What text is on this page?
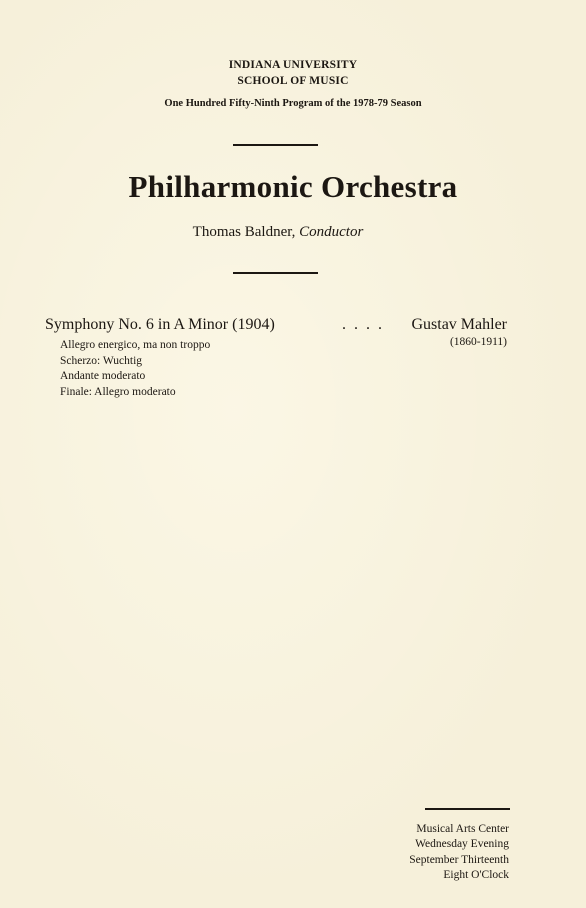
INDIANA UNIVERSITY
SCHOOL OF MUSIC
One Hundred Fifty-Ninth Program of the 1978-79 Season
Philharmonic Orchestra
Thomas Baldner, Conductor
Symphony No. 6 in A Minor (1904)	. . . . Gustav Mahler
(1860-1911)
Allegro energico, ma non troppo
Scherzo: Wuchtig
Andante moderato
Finale: Allegro moderato
Musical Arts Center
Wednesday Evening
September Thirteenth
Eight O'Clock
